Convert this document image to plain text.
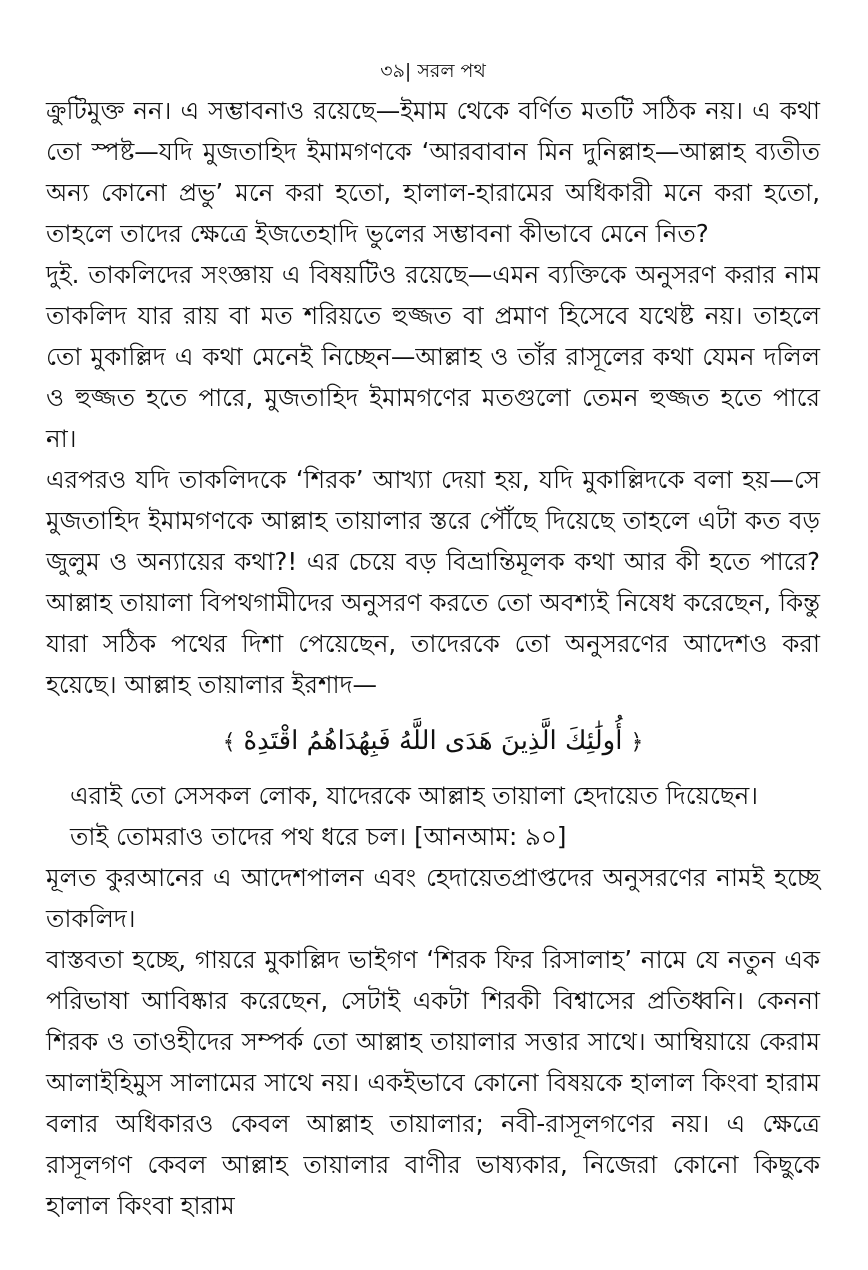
৩৯| সরল পথ

ক্রুটিমুক্ত নন। এ সম্ভাবনাও রয়েছে—ইমাম থেকে বর্ণিত মতটি সঠিক নয়। এ কথা তো স্পষ্ট—যদি মুজতাহিদ ইমামগণকে ‘আরবাবান মিন দুনিল্লাহ—আল্লাহ ব্যতীত অন্য কোনো প্রভু’ মনে করা হতো, হালাল-হারামের অধিকারী মনে করা হতো, তাহলে তাদের ক্ষেত্রে ইজতেহাদি ভুলের সম্ভাবনা কীভাবে মেনে নিত?

দুই. তাকলিদের সংজ্ঞায় এ বিষয়টিও রয়েছে—এমন ব্যক্তিকে অনুসরণ করার নাম তাকলিদ যার রায় বা মত শরিয়তে হুজ্জত বা প্রমাণ হিসেবে যথেষ্ট নয়। তাহলে তো মুকাল্লিদ এ কথা মেনেই নিচ্ছেন—আল্লাহ ও তাঁর রাসূলের কথা যেমন দলিল ও হুজ্জত হতে পারে, মুজতাহিদ ইমামগণের মতগুলো তেমন হুজ্জত হতে পারে না।

এরপরও যদি তাকলিদকে ‘শিরক’ আখ্যা দেয়া হয়, যদি মুকাল্লিদকে বলা হয়—সে মুজতাহিদ ইমামগণকে আল্লাহ তায়ালার স্তরে পৌঁছে দিয়েছে তাহলে এটা কত বড় জুলুম ও অন্যায়ের কথা?! এর চেয়ে বড় বিভ্রান্তিমূলক কথা আর কী হতে পারে? আল্লাহ তায়ালা বিপথগামীদের অনুসরণ করতে তো অবশ্যই নিষেধ করেছেন, কিন্তু যারা সঠিক পথের দিশা পেয়েছেন, তাদেরকে তো অনুসরণের আদেশও করা হয়েছে। আল্লাহ তায়ালার ইরশাদ—

﴿أُولَٰئِكَ الَّذِينَ هَدَى اللَّهُ فَبِهُدَاهُمُ اقْتَدِهْ﴾

এরাই তো সেসকল লোক, যাদেরকে আল্লাহ তায়ালা হেদায়েত দিয়েছেন। তাই তোমরাও তাদের পথ ধরে চল। [আনআম: ৯০]

মূলত কুরআনের এ আদেশপালন এবং হেদায়েতপ্রাপ্তদের অনুসরণের নামই হচ্ছে তাকলিদ।

বাস্তবতা হচ্ছে, গায়রে মুকাল্লিদ ভাইগণ ‘শিরক ফির রিসালাহ’ নামে যে নতুন এক পরিভাষা আবিষ্কার করেছেন, সেটাই একটা শিরকী বিশ্বাসের প্রতিধ্বনি। কেননা শিরক ও তাওহীদের সম্পর্ক তো আল্লাহ তায়ালার সত্তার সাথে। আম্বিয়ায়ে কেরাম আলাইহিমুস সালামের সাথে নয়। একইভাবে কোনো বিষয়কে হালাল কিংবা হারাম বলার অধিকারও কেবল আল্লাহ তায়ালার; নবী-রাসূলগণের নয়। এ ক্ষেত্রে রাসূলগণ কেবল আল্লাহ তায়ালার বাণীর ভাষ্যকার, নিজেরা কোনো কিছুকে হালাল কিংবা হারাম
